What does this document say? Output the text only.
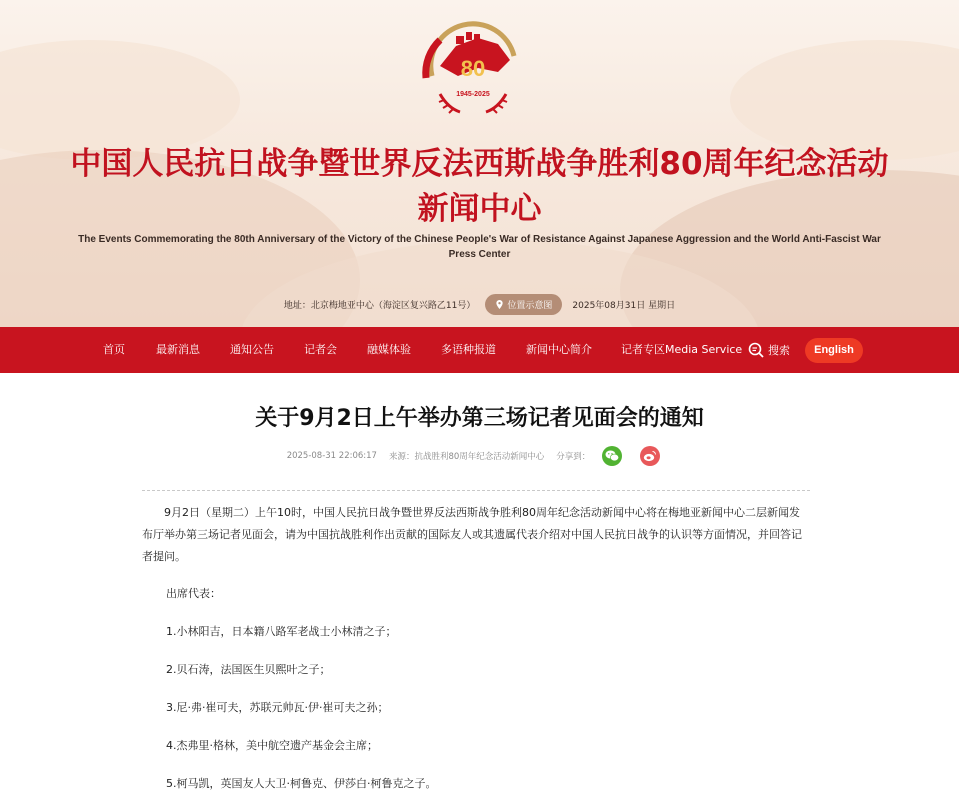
80
1945-2025
中国人民抗日战争暨世界反法西斯战争胜利80周年纪念活动
新闻中心
The Events Commemorating the 80th Anniversary of the Victory of the Chinese People's War of Resistance Against Japanese Aggression and the World Anti-Fascist War
Press Center
地址：北京梅地亚中心（海淀区复兴路乙11号）	位置示意图 2025年08月31日 星期日
首页	最新消息	通知公告	记者会	融媒体验	多语种报道	新闻中心简介	记者专区Media Service 搜索	English
关于9月2日上午举办第三场记者见面会的通知
2025-08-31 22:06:17 来源：抗战胜利80周年纪念活动新闻中心 分享到：

9月2日（星期二）上午10时，中国人民抗日战争暨世界反法西斯战争胜利80周年纪念活动新闻中心将在梅地亚新闻中心二层新闻发布厅举办第三场记者见面会，请为中国抗战胜利作出贡献的国际友人或其遗属代表介绍对中国人民抗日战争的认识等方面情况，并回答记者提问。

出席代表：

1.小林阳吉，日本籍八路军老战士小林清之子；

2.贝石涛，法国医生贝熙叶之子；

3.尼·弗·崔可夫，苏联元帅瓦·伊·崔可夫之孙；

4.杰弗里·格林，美中航空遗产基金会主席；

5.柯马凯，英国友人大卫·柯鲁克、伊莎白·柯鲁克之子。
